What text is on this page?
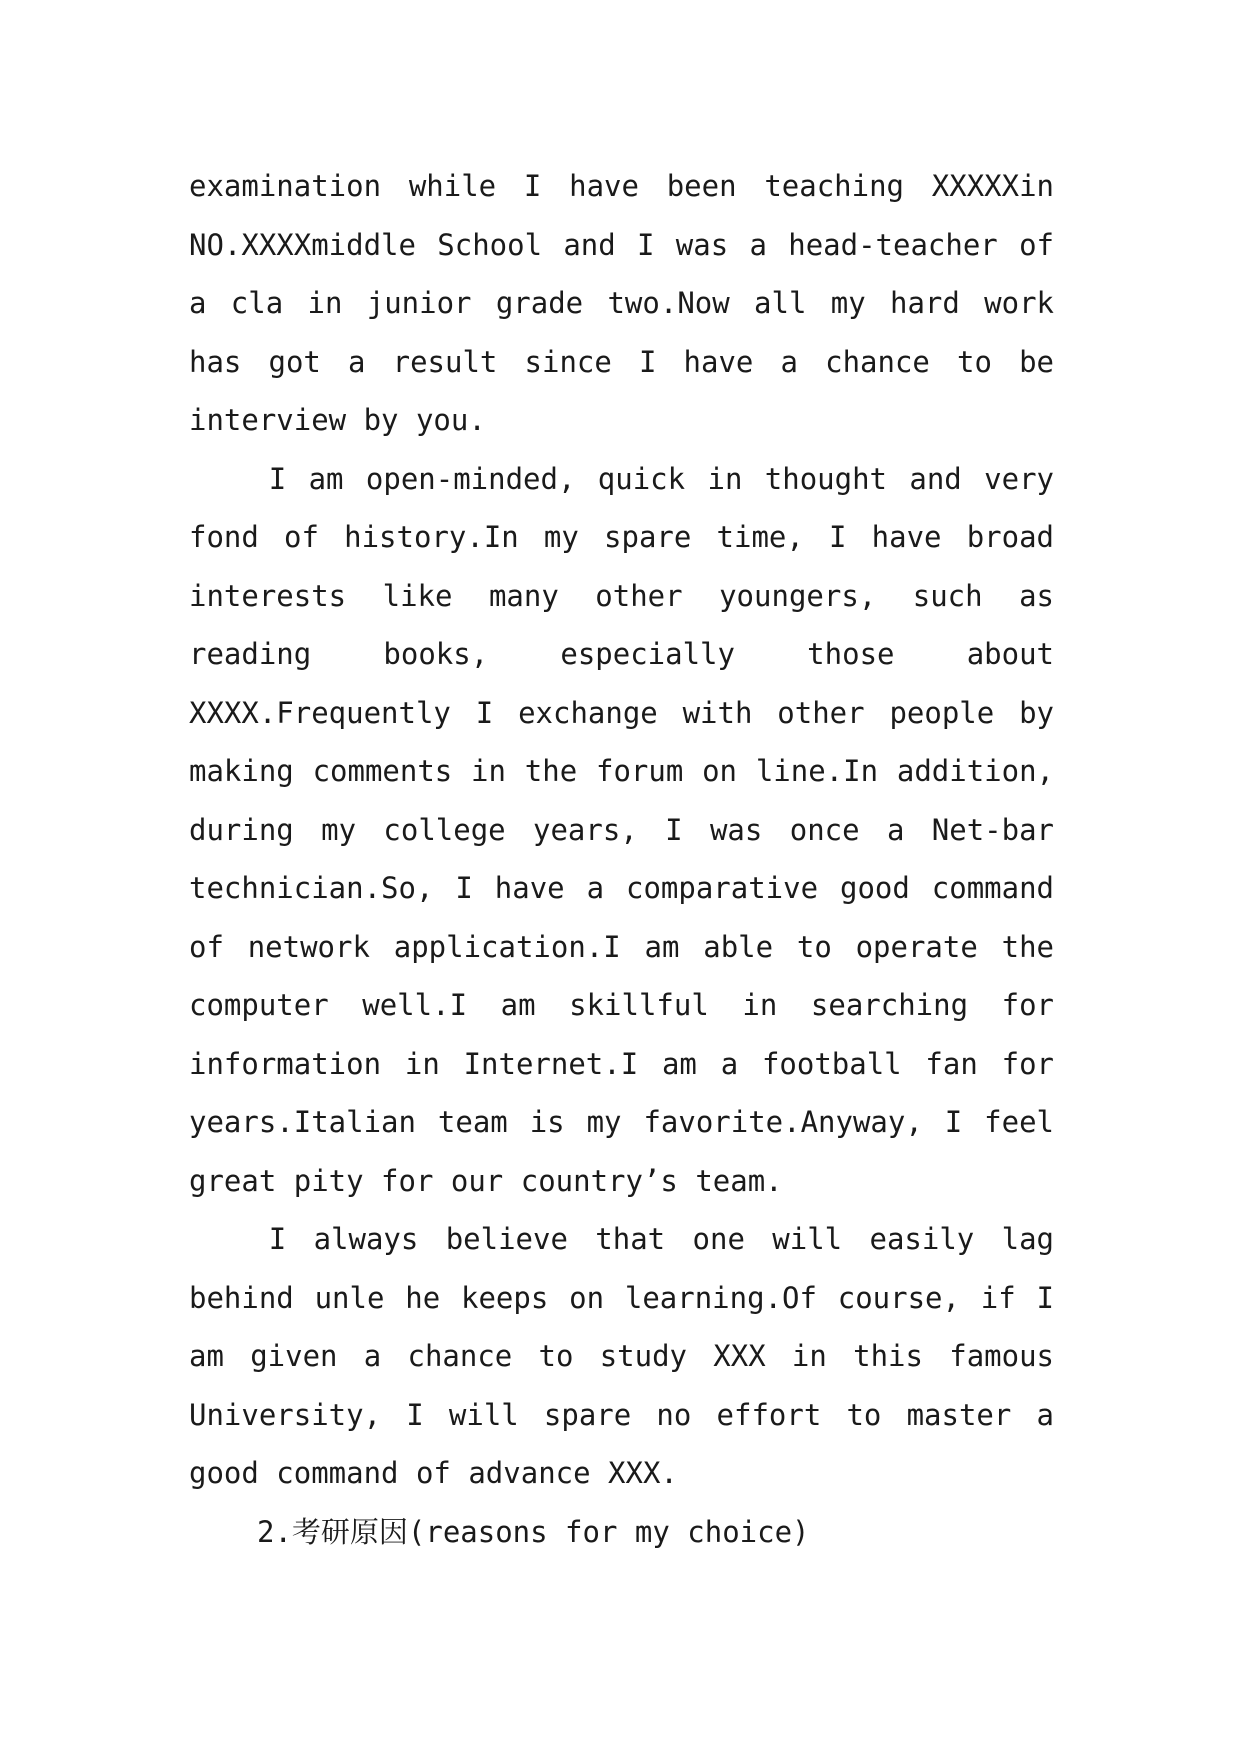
examination while I have been teaching XXXXXin NO.XXXXmiddle School and I was a head-teacher of a cla in junior grade two.Now all my hard work has got a result since I have a chance to be interview by you.

I am open-minded, quick in thought and very fond of history.In my spare time, I have broad interests like many other youngers, such as reading books, especially those about XXXX.Frequently I exchange with other people by making comments in the forum on line.In addition, during my college years, I was once a Net-bar technician.So, I have a comparative good command of network application.I am able to operate the computer well.I am skillful in searching for information in Internet.I am a football fan for years.Italian team is my favorite.Anyway, I feel great pity for our country’s team.

I always believe that one will easily lag behind unle he keeps on learning.Of course, if I am given a chance to study XXX in this famous University, I will spare no effort to master a good command of advance XXX.

2.考研原因(reasons for my choice)
